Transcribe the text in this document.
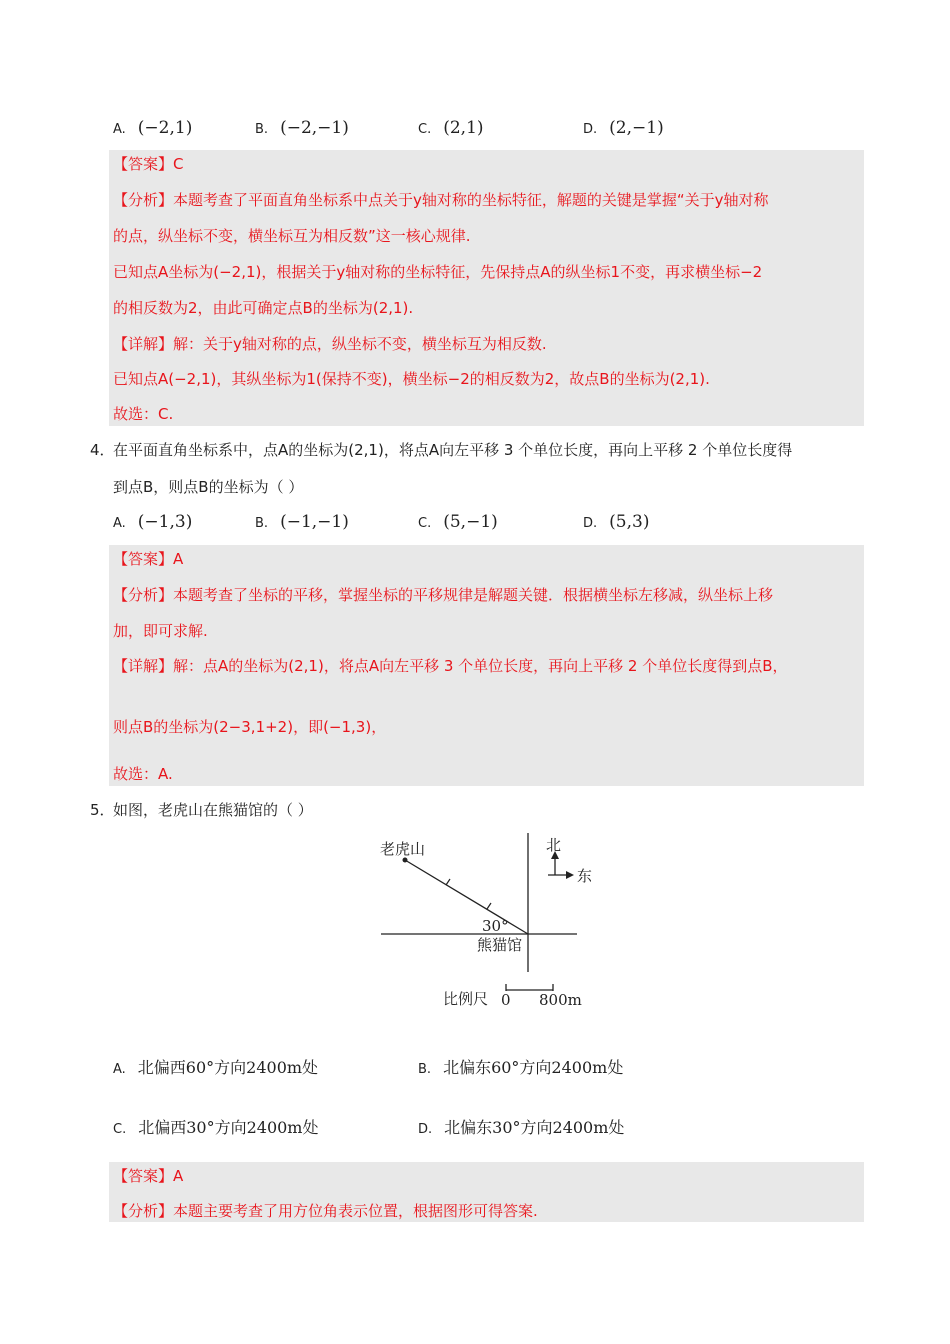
A. (−2,1)	B. (−2,−1)	C. (2,1)	D. (2,−1)
【答案】C
【分析】本题考查了平面直角坐标系中点关于y轴对称的坐标特征，解题的关键是掌握“关于y轴对称
的点，纵坐标不变，横坐标互为相反数”这一核心规律.
已知点A坐标为(−2,1)，根据关于y轴对称的坐标特征，先保持点A的纵坐标1不变，再求横坐标−2
的相反数为2，由此可确定点B的坐标为(2,1).
【详解】解：关于y轴对称的点，纵坐标不变，横坐标互为相反数.
已知点A(−2,1)，其纵坐标为1(保持不变)，横坐标−2的相反数为2，故点B的坐标为(2,1).
故选：C.
4．
在平面直角坐标系中，点A的坐标为(2,1)，将点A向左平移 3 个单位长度，再向上平移 2 个单位长度得
到点B，则点B的坐标为（ ）
A. (−1,3)	B. (−1,−1)	C. (5,−1)	D. (5,3)
【答案】A
【分析】本题考查了坐标的平移，掌握坐标的平移规律是解题关键．根据横坐标左移减，纵坐标上移
加，即可求解.
【详解】解：点A的坐标为(2,1)，将点A向左平移 3 个单位长度，再向上平移 2 个单位长度得到点B，
则点B的坐标为(2−3,1+2)，即(−1,3)，
故选：A.
5．
如图，老虎山在熊猫馆的（ ）
北
东
老虎山
30°
熊猫馆
比例尺 0 800m
A. 北偏西60°方向2400m处	B. 北偏东60°方向2400m处
C. 北偏西30°方向2400m处	D. 北偏东30°方向2400m处
【答案】A
【分析】本题主要考查了用方位角表示位置，根据图形可得答案.
